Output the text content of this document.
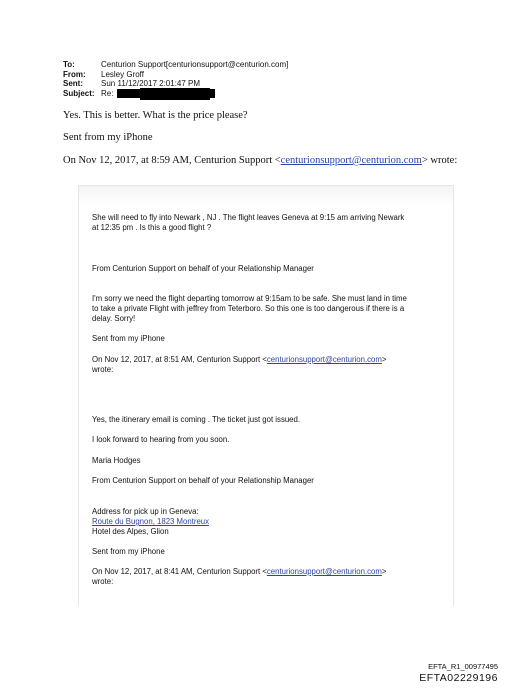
To:	Centurion Support[centurionsupport@centurion.com]
From:	Lesley Groff
Sent:	Sun 11/12/2017 2:01:47 PM
Subject: Re:
Yes. This is better. What is the price please?
Sent from my iPhone
On Nov 12, 2017, at 8:59 AM, Centurion Support <centurionsupport@centurion.com> wrote:
She will need to fly into Newark , NJ . The flight leaves Geneva at 9:15 am arriving Newark
at 12:35 pm . Is this a good flight ?
From Centurion Support on behalf of your Relationship Manager
I'm sorry we need the flight departing tomorrow at 9:15am to be safe. She must land in time
to take a private Flight with jeffrey from Teterboro. So this one is too dangerous if there is a
delay. Sorry!
Sent from my iPhone
On Nov 12, 2017, at 8:51 AM, Centurion Support <centurionsupport@centurion.com>
wrote:
Yes, the itinerary email is coming . The ticket just got issued.
I look forward to hearing from you soon.
Maria Hodges
From Centurion Support on behalf of your Relationship Manager
Address for pick up in Geneva:
Route du Bugnon, 1823 Montreux
Hotel des Alpes, Glion
Sent from my iPhone
On Nov 12, 2017, at 8:41 AM, Centurion Support <centurionsupport@centurion.com>
wrote:
EFTA_R1_00977495
EFTA02229196
